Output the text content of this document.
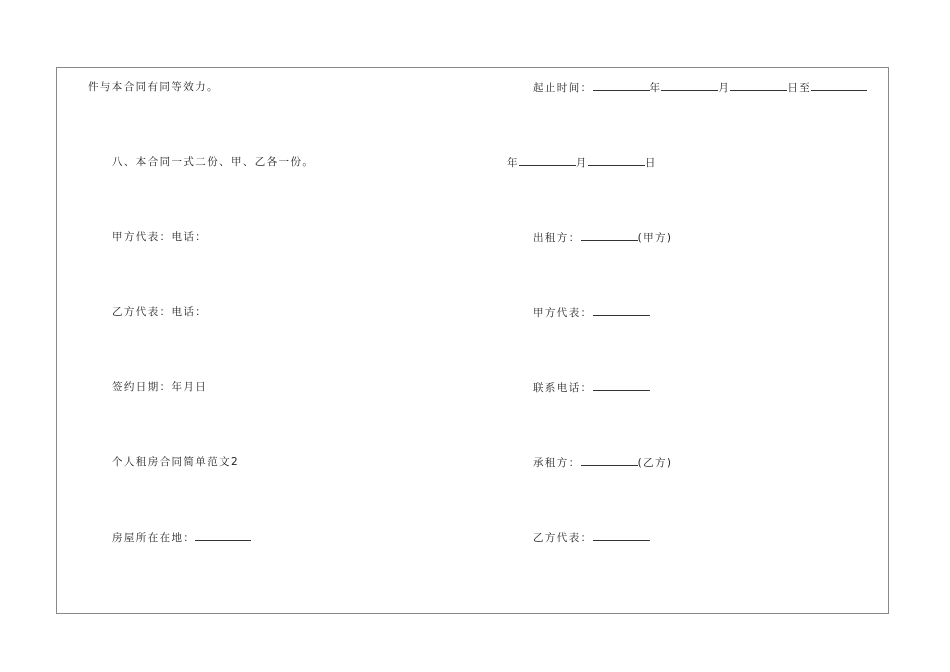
件与本合同有同等效力。
八、本合同一式二份、甲、乙各一份。
甲方代表：电话：
乙方代表：电话：
签约日期：年月日
个人租房合同简单范文2
房屋所在在地：
起止时间：	年	月	日至
年	月	日
出租方：	(甲方)
甲方代表：
联系电话：
承租方：	(乙方)
乙方代表：
